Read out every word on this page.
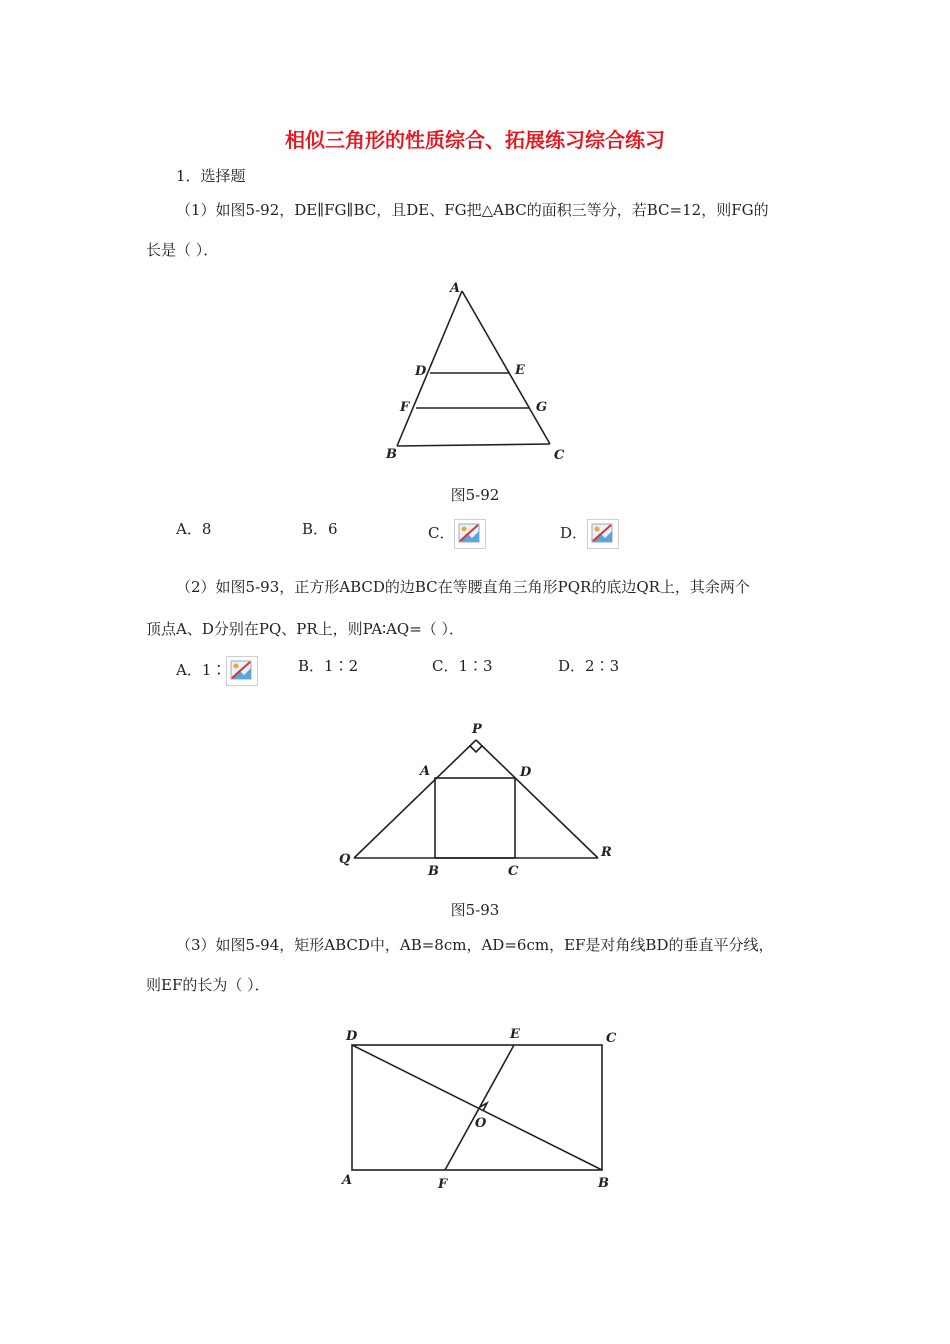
相似三角形的性质综合、拓展练习综合练习
1．选择题
（1）如图5-92，DE∥FG∥BC，且DE、FG把△ABC的面积三等分，若BC=12，则FG的
长是（ ）．
A
D	E
F	G
B	C
图5-92
A．8	B．6	C．	D．
（2）如图5-93，正方形ABCD的边BC在等腰直角三角形PQR的底边QR上，其余两个
顶点A、D分别在PQ、PR上，则PA∶AQ=（ ）．
A．1∶	B．1∶2	C．1∶3	D．2∶3
P
A	D
Q
B	C
R
图5-93
（3）如图5-94，矩形ABCD中，AB=8cm，AD=6cm，EF是对角线BD的垂直平分线，
则EF的长为（ ）．
D	E	C
O
A	F	B
